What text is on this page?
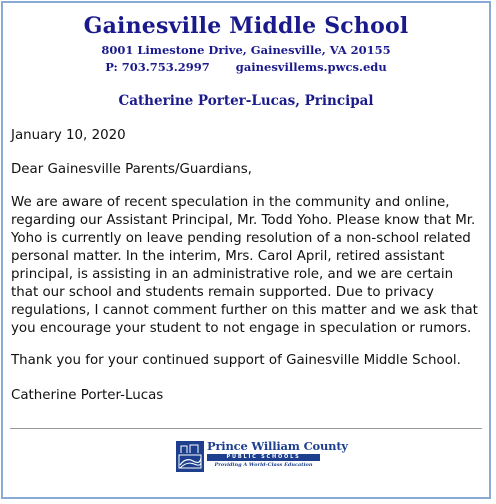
Gainesville Middle School
8001 Limestone Drive, Gainesville, VA 20155
P: 703.753.2997 gainesvillems.pwcs.edu
Catherine Porter-Lucas, Principal
January 10, 2020
Dear Gainesville Parents/Guardians,
We are aware of recent speculation in the community and online, regarding our Assistant Principal, Mr. Todd Yoho. Please know that Mr. Yoho is currently on leave pending resolution of a non-school related personal matter. In the interim, Mrs. Carol April, retired assistant principal, is assisting in an administrative role, and we are certain that our school and students remain supported. Due to privacy regulations, I cannot comment further on this matter and we ask that you encourage your student to not engage in speculation or rumors.
Thank you for your continued support of Gainesville Middle School.
Catherine Porter-Lucas
Prince William County
PUBLIC SCHOOLS
Providing A World-Class Education
